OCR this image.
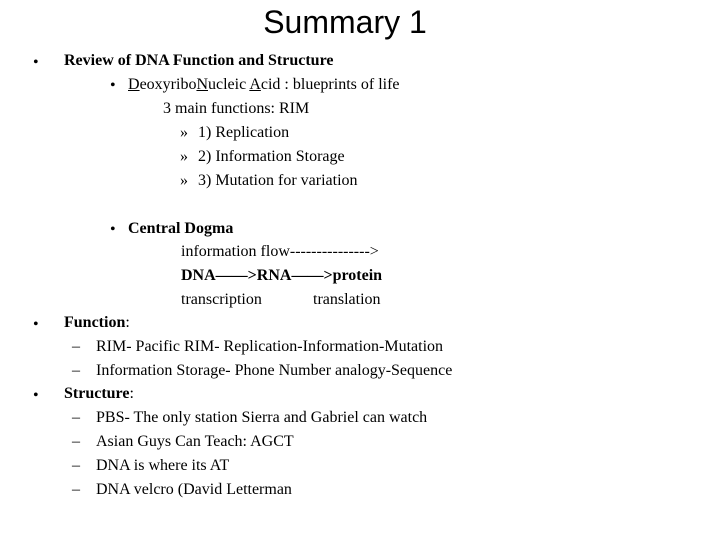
Summary 1
• Review of DNA Function and Structure
• DeoxyriboNucleic Acid : blueprints of life
3 main functions: RIM
» 1) Replication
» 2) Information Storage
» 3) Mutation for variation
• Central Dogma
information flow--------------->
DNA——>RNA——>protein
transcription	translation
• Function:
– RIM- Pacific RIM- Replication-Information-Mutation
– Information Storage- Phone Number analogy-Sequence
• Structure:
– PBS- The only station Sierra and Gabriel can watch
– Asian Guys Can Teach: AGCT
– DNA is where its AT
– DNA velcro (David Letterman
